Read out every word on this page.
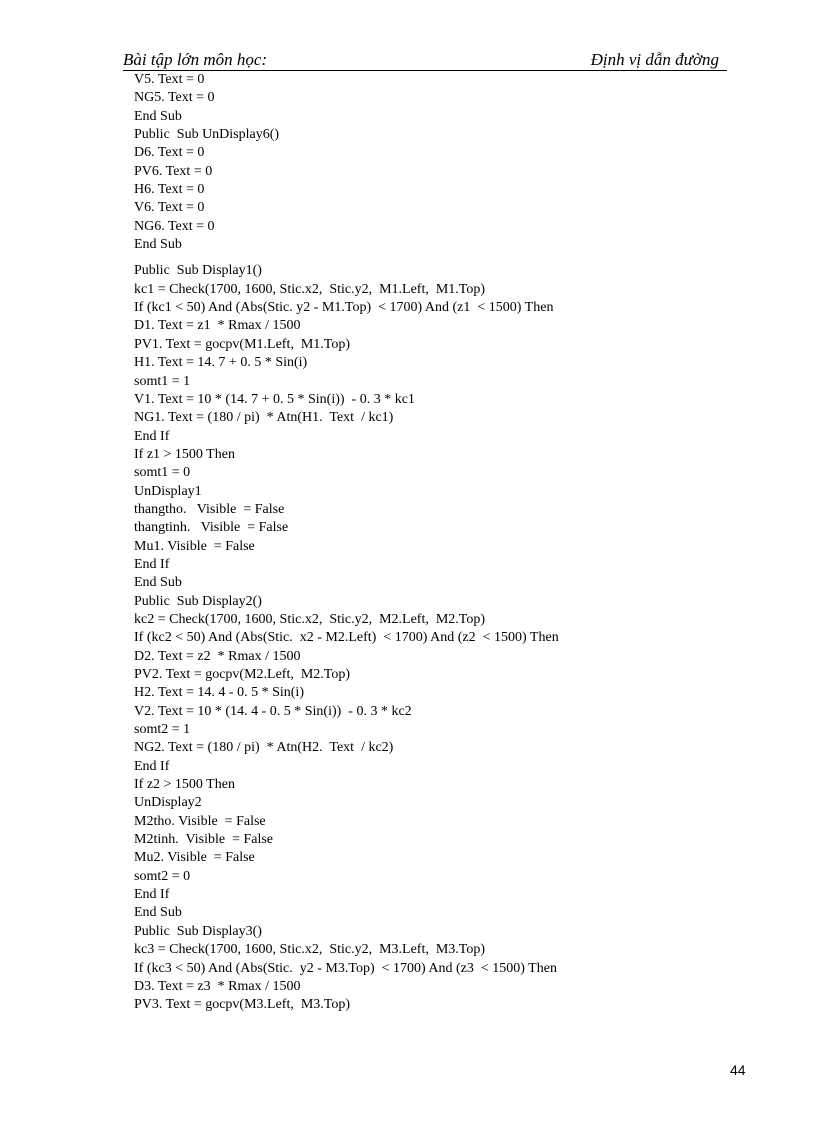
Bài tập lớn môn học:	Định vị dẫn đường
V5. Text = 0
NG5. Text = 0
End Sub
Public  Sub UnDisplay6()
D6. Text = 0
PV6. Text = 0
H6. Text = 0
V6. Text = 0
NG6. Text = 0
End Sub
Public  Sub Display1()
kc1 = Check(1700, 1600, Stic.x2,  Stic.y2,  M1.Left,  M1.Top)
If (kc1 < 50) And (Abs(Stic. y2 - M1.Top)  < 1700) And (z1  < 1500) Then
D1. Text = z1  * Rmax / 1500
PV1. Text = gocpv(M1.Left,  M1.Top)
H1. Text = 14. 7 + 0. 5 * Sin(i)
somt1 = 1
V1. Text = 10 * (14. 7 + 0. 5 * Sin(i))  - 0. 3 * kc1
NG1. Text = (180 / pi)  * Atn(H1.  Text  / kc1)
End If
If z1 > 1500 Then
somt1 = 0
UnDisplay1
thangtho.   Visible  = False
thangtinh.   Visible  = False
Mu1. Visible  = False
End If
End Sub
Public  Sub Display2()
kc2 = Check(1700, 1600, Stic.x2,  Stic.y2,  M2.Left,  M2.Top)
If (kc2 < 50) And (Abs(Stic.  x2 - M2.Left)  < 1700) And (z2  < 1500) Then
D2. Text = z2  * Rmax / 1500
PV2. Text = gocpv(M2.Left,  M2.Top)
H2. Text = 14. 4 - 0. 5 * Sin(i)
V2. Text = 10 * (14. 4 - 0. 5 * Sin(i))  - 0. 3 * kc2
somt2 = 1
NG2. Text = (180 / pi)  * Atn(H2.  Text  / kc2)
End If
If z2 > 1500 Then
UnDisplay2
M2tho. Visible  = False
M2tinh.  Visible  = False
Mu2. Visible  = False
somt2 = 0
End If
End Sub
Public  Sub Display3()
kc3 = Check(1700, 1600, Stic.x2,  Stic.y2,  M3.Left,  M3.Top)
If (kc3 < 50) And (Abs(Stic.  y2 - M3.Top)  < 1700) And (z3  < 1500) Then
D3. Text = z3  * Rmax / 1500
PV3. Text = gocpv(M3.Left,  M3.Top)
44
